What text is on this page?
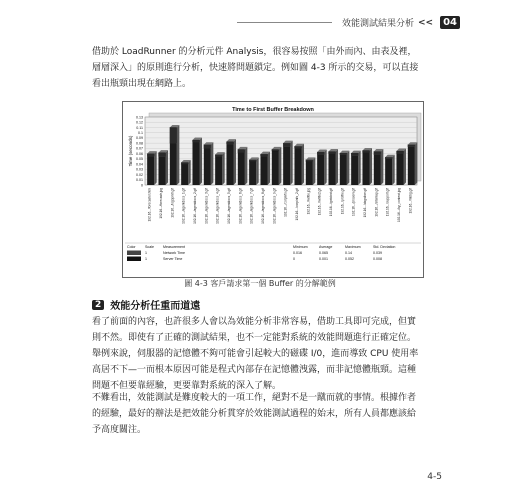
效能測試結果分析 <<	04

借助於 LoadRunner 的分析元件 Analysis，很容易按照「由外而內、由表及裡，層層深入」的原則進行分析，快速將問題鎖定。例如圖 4-3 所示的交易，可以直接看出瓶頸出現在網路上。

Time to First Buffer Breakdown
Time (seconds)
0
0.01
0.02
0.03
0.04
0.05
0.06
0.07
0.08
0.09
0.1
0.11
0.12
0.13
192.16.../forecaster.htm 192.16.../forecastr.jpg 192.16.../logopmtr.gif 192.16.../agentdocs_1.gif 192.16.../agentdocs_2.gif 192.16.../agentdocs_3.gif 192.16.../agentdocs_4.gif 192.16.../agentdocs_5.gif 192.16.../agentdocs_6.gif 192.16.../agentdocs_7.gif 192.16.../agentdocs_8.gif 192.16.../agentdocs_9.gif 192.16.../corpinfo.gif 192.16.../corpinfo_2.gif 192.16.../iwtitle.jpg 192.16.../iwtitle2.gif 192.16.../gotobnt.gif 192.16.../profile.gif 192.16.../proserv.gif 192.16.../dsgnline.gif 192.16.../sitemap.gif 192.16.../support.gif 192.16.../by_content.jpg 192.16.../mbbg.gif
Color	Scale	Measurement	Minimum	Average	Maximum	Std. Deviation
1	Network Time	0.016	0.065	0.14	0.039
1	Server Time	0	0.001	0.052	0.008
圖 4-3 客戶請求第一個 Buffer 的分解範例
2 效能分析任重而道遠

看了前面的內容，也許很多人會以為效能分析非常容易，借助工具即可完成，但實則不然。即使有了正確的測試結果，也不一定能對系統的效能問題進行正確定位。舉例來說，伺服器的記憶體不夠可能會引起較大的磁碟 I/0，進而導致 CPU 使用率高居不下—一而根本原因可能是程式內部存在記憶體洩露，而非記憶體瓶頸。這種問題不但要靠經驗，更要靠對系統的深入了解。

不難看出，效能測試是難度較大的一項工作，絕對不是一蹴而就的事情。根據作者的經驗，最好的辦法是把效能分析貫穿於效能測試過程的始末，所有人員都應該給予高度關注。

4-5
